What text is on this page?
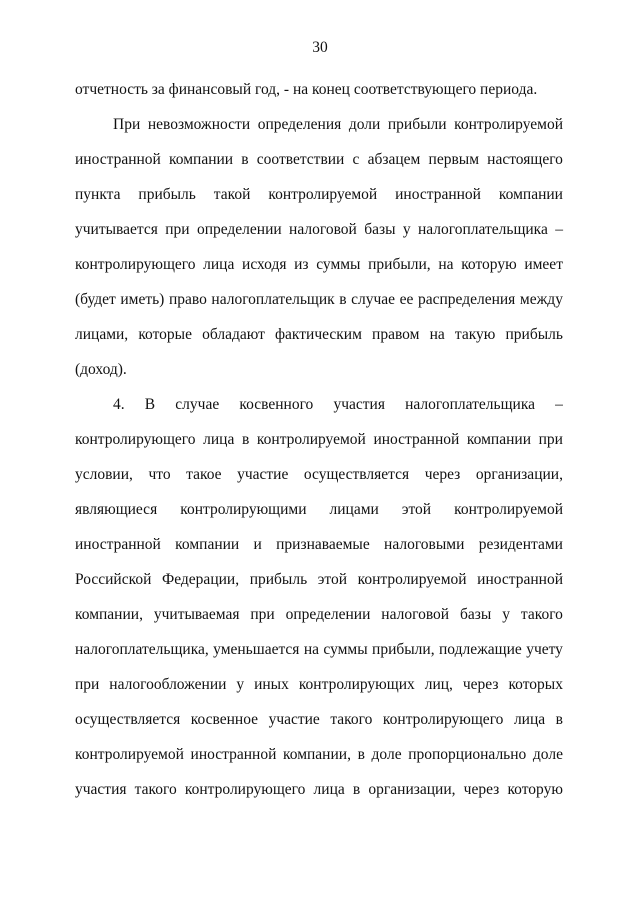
30
отчетность за финансовый год, - на конец соответствующего периода.
При невозможности определения доли прибыли контролируемой
иностранной компании в соответствии с абзацем первым настоящего
пункта прибыль такой контролируемой иностранной компании
учитывается при определении налоговой базы у налогоплательщика –
контролирующего лица исходя из суммы прибыли, на которую имеет
(будет иметь) право налогоплательщик в случае ее распределения между
лицами, которые обладают фактическим правом на такую прибыль
(доход).
4. В случае косвенного участия налогоплательщика –
контролирующего лица в контролируемой иностранной компании при
условии, что такое участие осуществляется через организации,
являющиеся контролирующими лицами этой контролируемой
иностранной компании и признаваемые налоговыми резидентами
Российской Федерации, прибыль этой контролируемой иностранной
компании, учитываемая при определении налоговой базы у такого
налогоплательщика, уменьшается на суммы прибыли, подлежащие учету
при налогообложении у иных контролирующих лиц, через которых
осуществляется косвенное участие такого контролирующего лица в
контролируемой иностранной компании, в доле пропорционально доле
участия такого контролирующего лица в организации, через которую
